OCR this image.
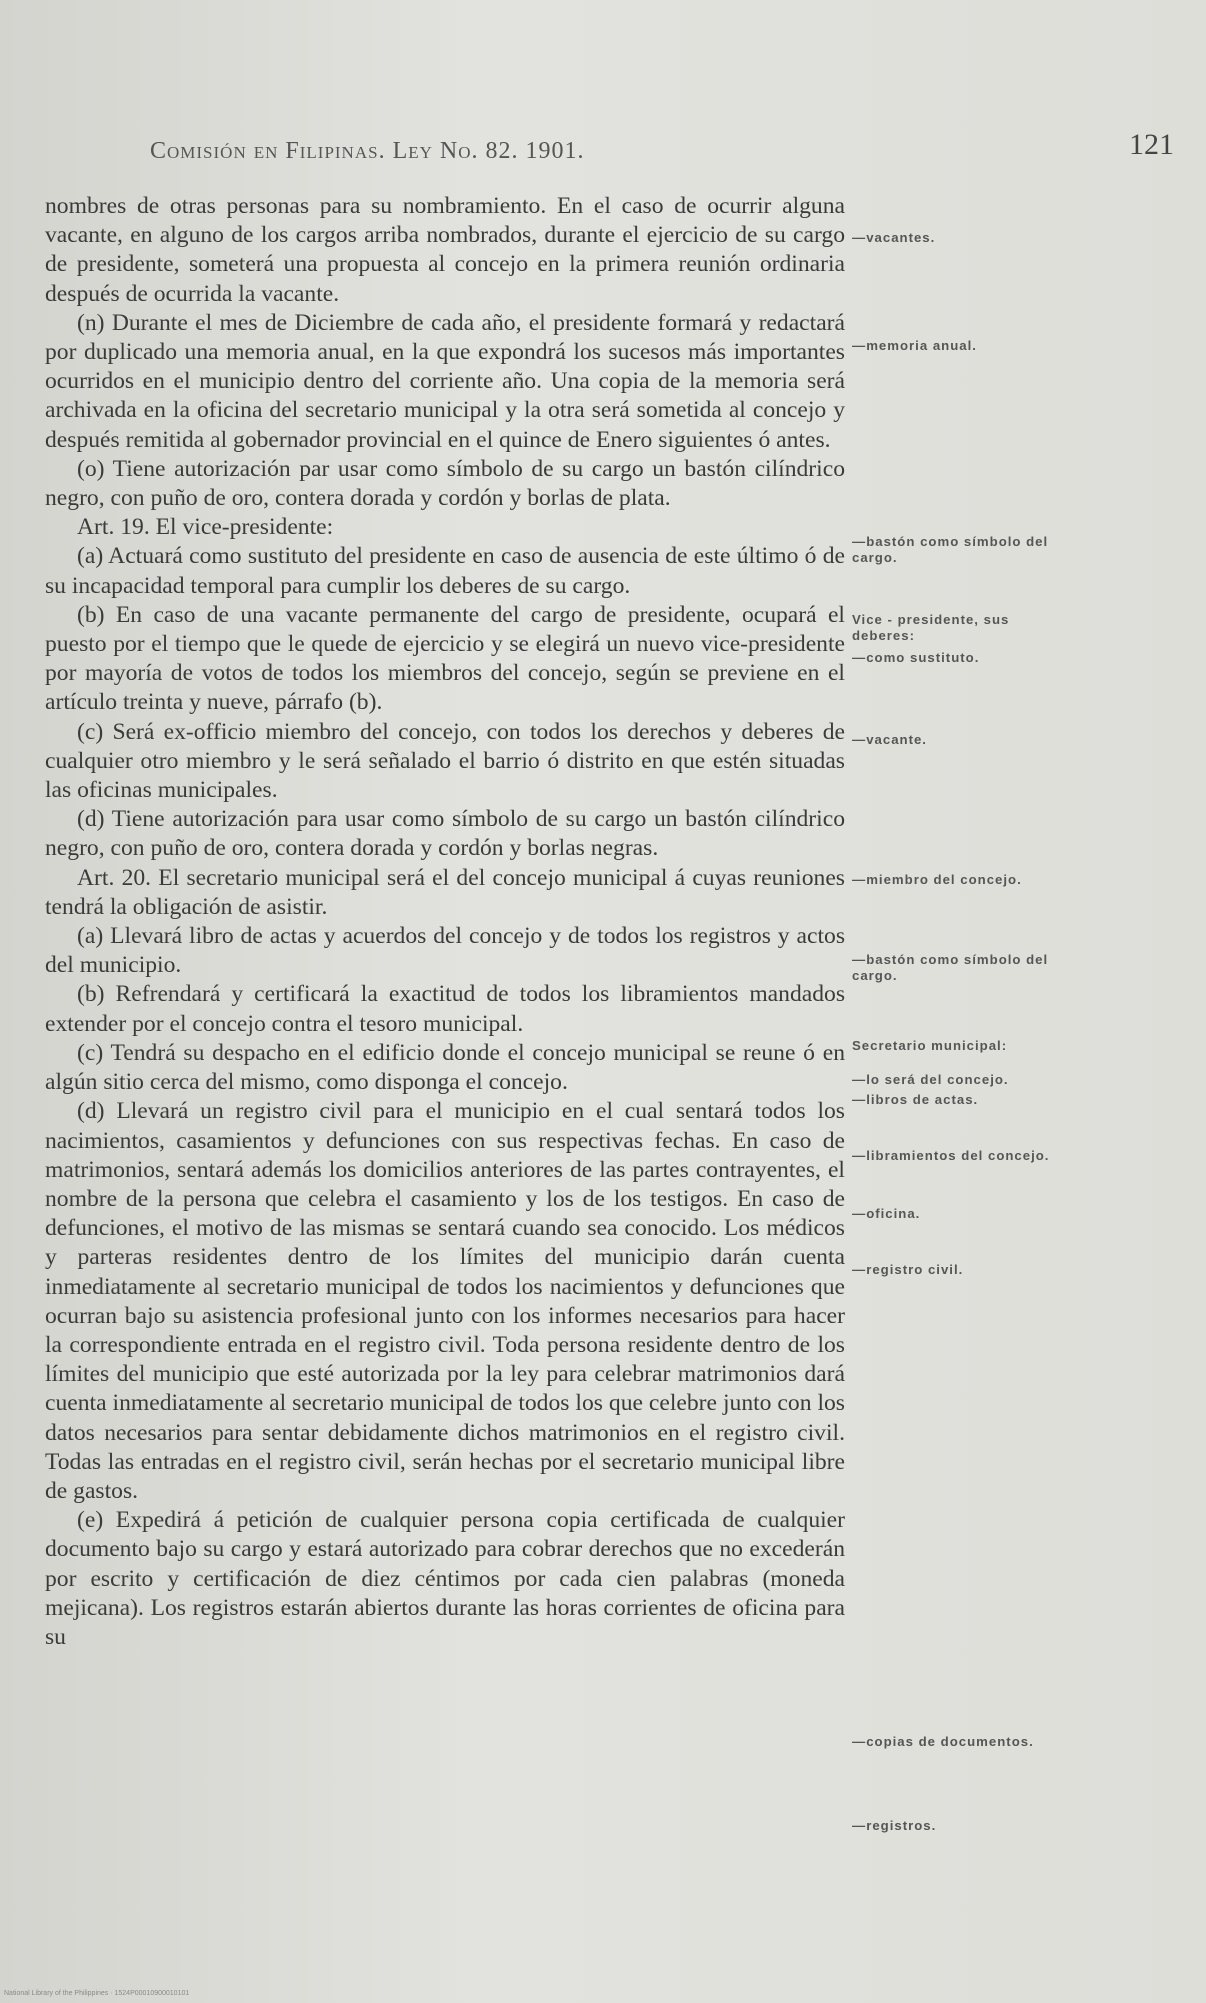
Comisión en Filipinas. Ley No. 82. 1901.	121

nombres de otras personas para su nombramiento. En el caso de ocurrir alguna vacante, en alguno de los cargos arriba nombrados, durante el ejercicio de su cargo de presidente, someterá una propuesta al concejo en la primera reunión ordinaria después de ocurrida la vacante.

(n) Durante el mes de Diciembre de cada año, el presidente formará y redactará por duplicado una memoria anual, en la que expondrá los sucesos más importantes ocurridos en el municipio dentro del corriente año. Una copia de la memoria será archivada en la oficina del secretario municipal y la otra será sometida al concejo y después remitida al gobernador provincial en el quince de Enero siguientes ó antes.

(o) Tiene autorización par usar como símbolo de su cargo un bastón cilíndrico negro, con puño de oro, contera dorada y cordón y borlas de plata.

Art. 19. El vice-presidente:

(a) Actuará como sustituto del presidente en caso de ausencia de este último ó de su incapacidad temporal para cumplir los deberes de su cargo.

(b) En caso de una vacante permanente del cargo de presidente, ocupará el puesto por el tiempo que le quede de ejercicio y se elegirá un nuevo vice-presidente por mayoría de votos de todos los miembros del concejo, según se previene en el artículo treinta y nueve, párrafo (b).

(c) Será ex-officio miembro del concejo, con todos los derechos y deberes de cualquier otro miembro y le será señalado el barrio ó distrito en que estén situadas las oficinas municipales.

(d) Tiene autorización para usar como símbolo de su cargo un bastón cilíndrico negro, con puño de oro, contera dorada y cordón y borlas negras.

Art. 20. El secretario municipal será el del concejo municipal á cuyas reuniones tendrá la obligación de asistir.

(a) Llevará libro de actas y acuerdos del concejo y de todos los registros y actos del municipio.

(b) Refrendará y certificará la exactitud de todos los libramientos mandados extender por el concejo contra el tesoro municipal.

(c) Tendrá su despacho en el edificio donde el concejo municipal se reune ó en algún sitio cerca del mismo, como disponga el concejo.

(d) Llevará un registro civil para el municipio en el cual sentará todos los nacimientos, casamientos y defunciones con sus respectivas fechas. En caso de matrimonios, sentará además los domicilios anteriores de las partes contrayentes, el nombre de la persona que celebra el casamiento y los de los testigos. En caso de defunciones, el motivo de las mismas se sentará cuando sea conocido. Los médicos y parteras residentes dentro de los límites del municipio darán cuenta inmediatamente al secretario municipal de todos los nacimientos y defunciones que ocurran bajo su asistencia profesional junto con los informes necesarios para hacer la correspondiente entrada en el registro civil. Toda persona residente dentro de los límites del municipio que esté autorizada por la ley para celebrar matrimonios dará cuenta inmediatamente al secretario municipal de todos los que celebre junto con los datos necesarios para sentar debidamente dichos matrimonios en el registro civil. Todas las entradas en el registro civil, serán hechas por el secretario municipal libre de gastos.

(e) Expedirá á petición de cualquier persona copia certificada de cualquier documento bajo su cargo y estará autorizado para cobrar derechos que no excederán por escrito y certificación de diez céntimos por cada cien palabras (moneda mejicana). Los registros estarán abiertos durante las horas corrientes de oficina para su

—vacantes.
—memoria anual.
—bastón como símbolo del cargo.
Vice - presidente, sus deberes:
—como sustituto.
—vacante.
—miembro del concejo.
—bastón como símbolo del cargo.
Secretario municipal:
—lo será del concejo.
—libros de actas.
—libramientos del concejo.
—oficina.
—registro civil.
—copias de documentos.
—registros.
National Library of the Philippines · 1524P00010900010101
